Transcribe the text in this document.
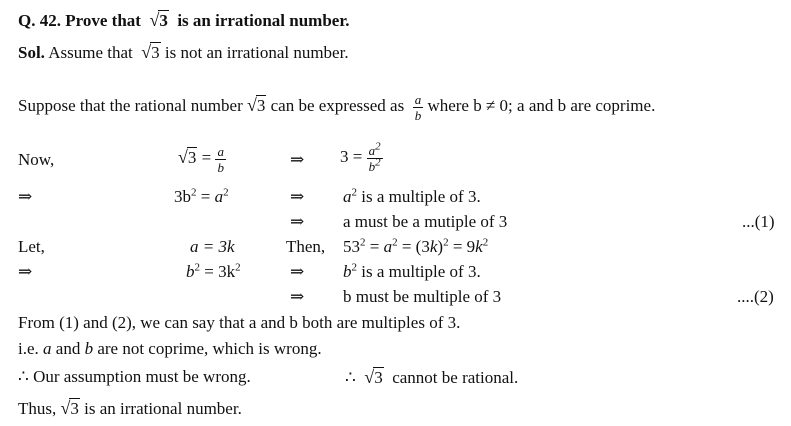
Q. 42. Prove that √3 is an irrational number.
Sol. Assume that √3 is not an irrational number.
Suppose that the rational number √3 can be expressed as $\frac{a}{b}$ where b ≠ 0; a and b are coprime.
Now,	$√3 = \frac{a}{b}$	⇒ $3 = \frac{a^2}{b^2}$
⇒	$3b^2 = a^2$	⇒ $a^2$ is a multiple of 3.
⇒ a must be a mutiple of 3	...(1)
Let,	a = 3k	Then, $53^2 = a^2 = (3k)^2 = 9k^2$
⇒	$b^2 = 3k^2$	⇒ $b^2$ is a multiple of 3.
⇒ b must be multiple of 3	....(2)
From (1) and (2), we can say that a and b both are multiples of 3.
i.e. a and b are not coprime, which is wrong.
∴ Our assumption must be wrong.	∴ √3 cannot be rational.
Thus, √3 is an irrational number.
